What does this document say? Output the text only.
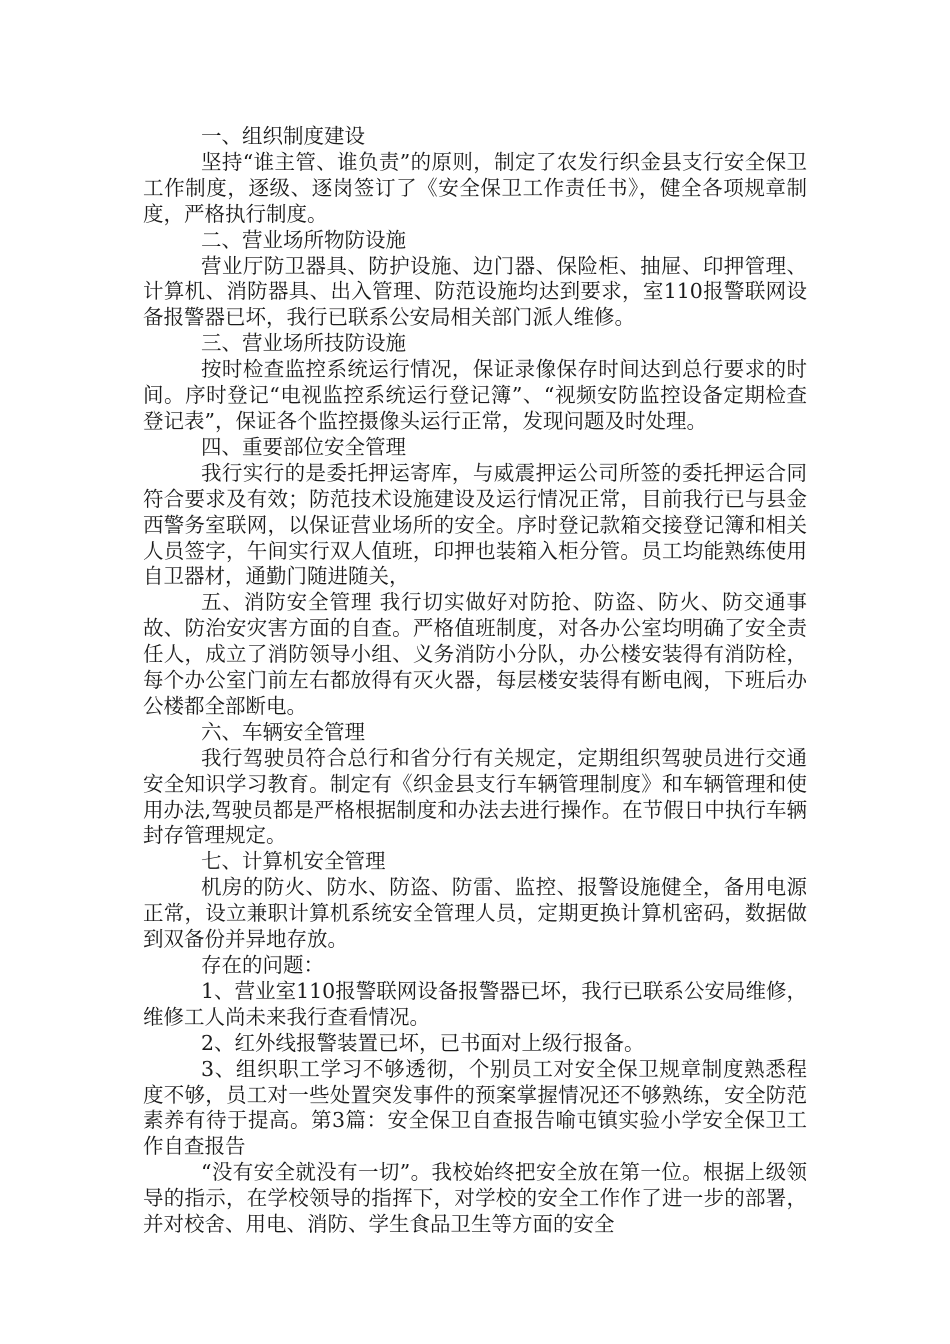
一、组织制度建设

坚持“谁主管、谁负责”的原则，制定了农发行织金县支行安全保卫工作制度，逐级、逐岗签订了《安全保卫工作责任书》，健全各项规章制度，严格执行制度。

二、营业场所物防设施

营业厅防卫器具、防护设施、边门器、保险柜、抽屉、印押管理、计算机、消防器具、出入管理、防范设施均达到要求，室110报警联网设备报警器已坏，我行已联系公安局相关部门派人维修。

三、营业场所技防设施

按时检查监控系统运行情况，保证录像保存时间达到总行要求的时间。序时登记“电视监控系统运行登记簿”、“视频安防监控设备定期检查登记表”，保证各个监控摄像头运行正常，发现问题及时处理。

四、重要部位安全管理

我行实行的是委托押运寄库，与威震押运公司所签的委托押运合同符合要求及有效；防范技术设施建设及运行情况正常，目前我行已与县金西警务室联网，以保证营业场所的安全。序时登记款箱交接登记簿和相关人员签字，午间实行双人值班，印押也装箱入柜分管。员工均能熟练使用自卫器材，通勤门随进随关，

五、消防安全管理 我行切实做好对防抢、防盗、防火、防交通事故、防治安灾害方面的自查。严格值班制度，对各办公室均明确了安全责任人，成立了消防领导小组、义务消防小分队，办公楼安装得有消防栓，每个办公室门前左右都放得有灭火器，每层楼安装得有断电阀，下班后办公楼都全部断电。

六、车辆安全管理

我行驾驶员符合总行和省分行有关规定，定期组织驾驶员进行交通安全知识学习教育。制定有《织金县支行车辆管理制度》和车辆管理和使用办法,驾驶员都是严格根据制度和办法去进行操作。在节假日中执行车辆封存管理规定。

七、计算机安全管理

机房的防火、防水、防盗、防雷、监控、报警设施健全，备用电源正常，设立兼职计算机系统安全管理人员，定期更换计算机密码，数据做到双备份并异地存放。

存在的问题：

1、营业室110报警联网设备报警器已坏，我行已联系公安局维修，维修工人尚未来我行查看情况。

2、红外线报警装置已坏，已书面对上级行报备。

3、组织职工学习不够透彻，个别员工对安全保卫规章制度熟悉程度不够，员工对一些处置突发事件的预案掌握情况还不够熟练，安全防范素养有待于提高。第3篇：安全保卫自查报告喻屯镇实验小学安全保卫工作自查报告

“没有安全就没有一切”。我校始终把安全放在第一位。根据上级领导的指示，在学校领导的指挥下，对学校的安全工作作了进一步的部署，并对校舍、用电、消防、学生食品卫生等方面的安全
